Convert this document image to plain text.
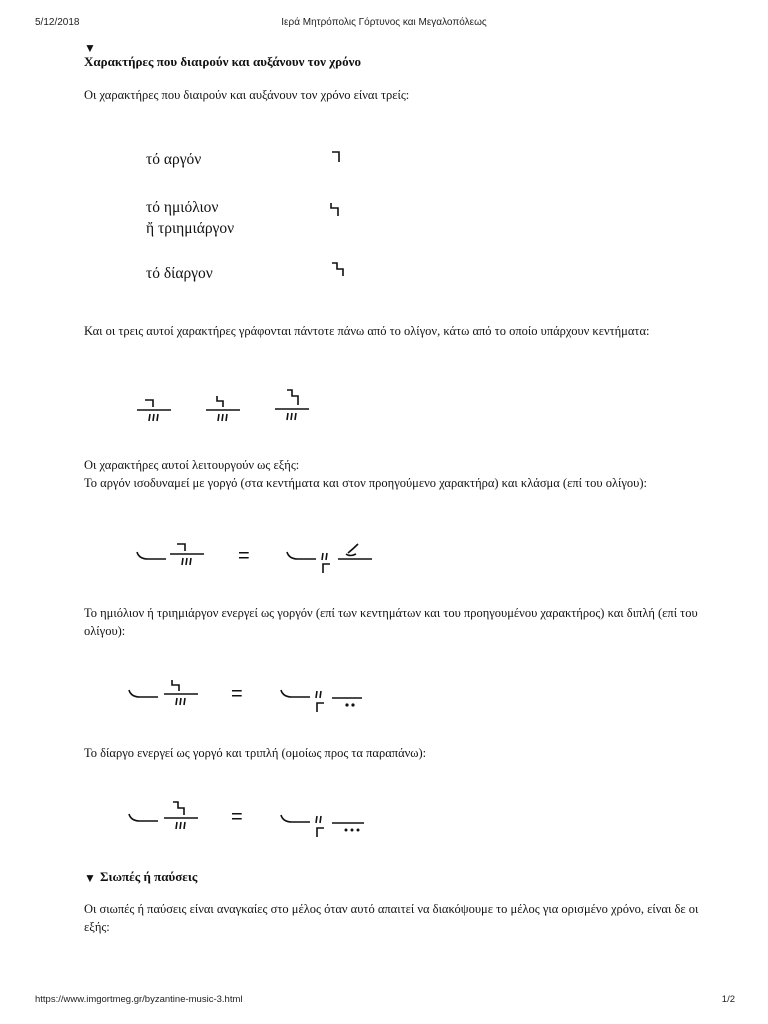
5/12/2018	Ιερά Μητρόπολις Γόρτυνος και Μεγαλοπόλεως
https://www.imgortmeg.gr/byzantine-music-3.html	1/2
▼
Χαρακτήρες που διαιρούν και αυξάνουν τον χρόνο
Οι χαρακτήρες που διαιρούν και αυξάνουν τον χρόνο είναι τρείς:
τό αργόν
τό ημιόλιον
ἤ τριημιάργον
τό δίαργον
Και οι τρεις αυτοί χαρακτήρες γράφονται πάντοτε πάνω από το ολίγον, κάτω από το οποίο υπάρχουν κεντήματα:
Οι χαρακτήρες αυτοί λειτουργούν ως εξής:
Το αργόν ισοδυναμεί με γοργό (στα κεντήματα και στον προηγούμενο χαρακτήρα) και κλάσμα (επί του ολίγου):
=
Το ημιόλιον ή τριημιάργον ενεργεί ως γοργόν (επί των κεντημάτων και του προηγουμένου χαρακτήρος) και διπλή (επί του ολίγου):
=
Το δίαργο ενεργεί ως γοργό και τριπλή (ομοίως προς τα παραπάνω):
=
▼ Σιωπές ή παύσεις
Οι σιωπές ή παύσεις είναι αναγκαίες στο μέλος όταν αυτό απαιτεί να διακόψουμε το μέλος για ορισμένο χρόνο, είναι δε οι εξής:
